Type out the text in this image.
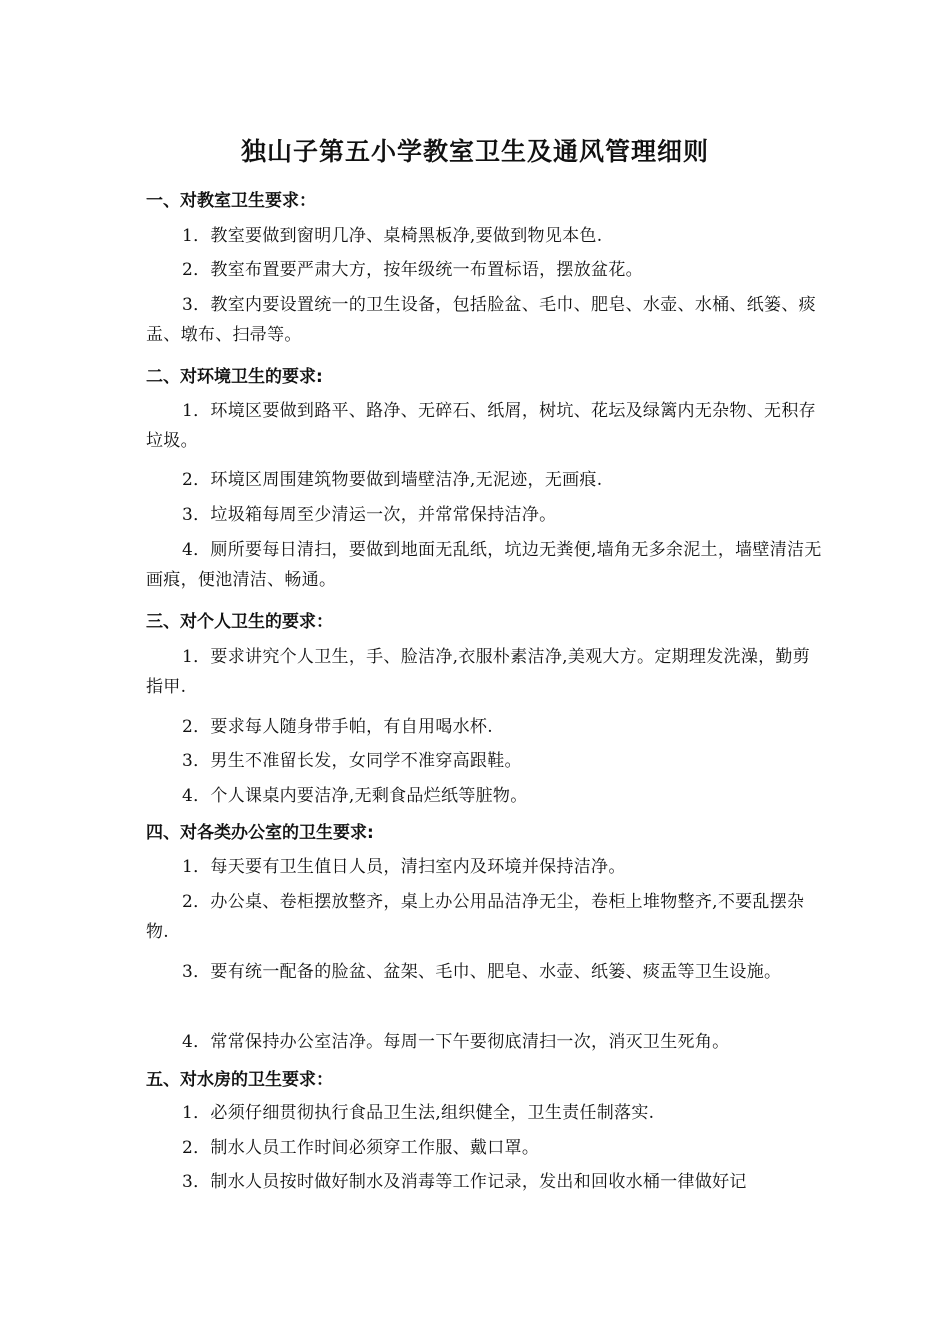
独山子第五小学教室卫生及通风管理细则
一、对教室卫生要求：

1．教室要做到窗明几净、桌椅黑板净,要做到物见本色.

2．教室布置要严肃大方，按年级统一布置标语，摆放盆花。

3．教室内要设置统一的卫生设备，包括脸盆、毛巾、肥皂、水壶、水桶、纸篓、痰盂、墩布、扫帚等。

二、对环境卫生的要求:

1．环境区要做到路平、路净、无碎石、纸屑，树坑、花坛及绿篱内无杂物、无积存垃圾。

2．环境区周围建筑物要做到墙壁洁净,无泥迹，无画痕.

3．垃圾箱每周至少清运一次，并常常保持洁净。

4．厕所要每日清扫，要做到地面无乱纸，坑边无粪便,墙角无多余泥土，墙壁清洁无画痕，便池清洁、畅通。

三、对个人卫生的要求：

1．要求讲究个人卫生，手、脸洁净,衣服朴素洁净,美观大方。定期理发洗澡，勤剪指甲.

2．要求每人随身带手帕，有自用喝水杯.

3．男生不准留长发，女同学不准穿高跟鞋。

4．个人课桌内要洁净,无剩食品烂纸等脏物。

四、对各类办公室的卫生要求:

1．每天要有卫生值日人员，清扫室内及环境并保持洁净。

2．办公桌、卷柜摆放整齐，桌上办公用品洁净无尘，卷柜上堆物整齐,不要乱摆杂物.

3．要有统一配备的脸盆、盆架、毛巾、肥皂、水壶、纸篓、痰盂等卫生设施。

4．常常保持办公室洁净。每周一下午要彻底清扫一次，消灭卫生死角。

五、对水房的卫生要求：

1．必须仔细贯彻执行食品卫生法,组织健全，卫生责任制落实.

2．制水人员工作时间必须穿工作服、戴口罩。

3．制水人员按时做好制水及消毒等工作记录，发出和回收水桶一律做好记
